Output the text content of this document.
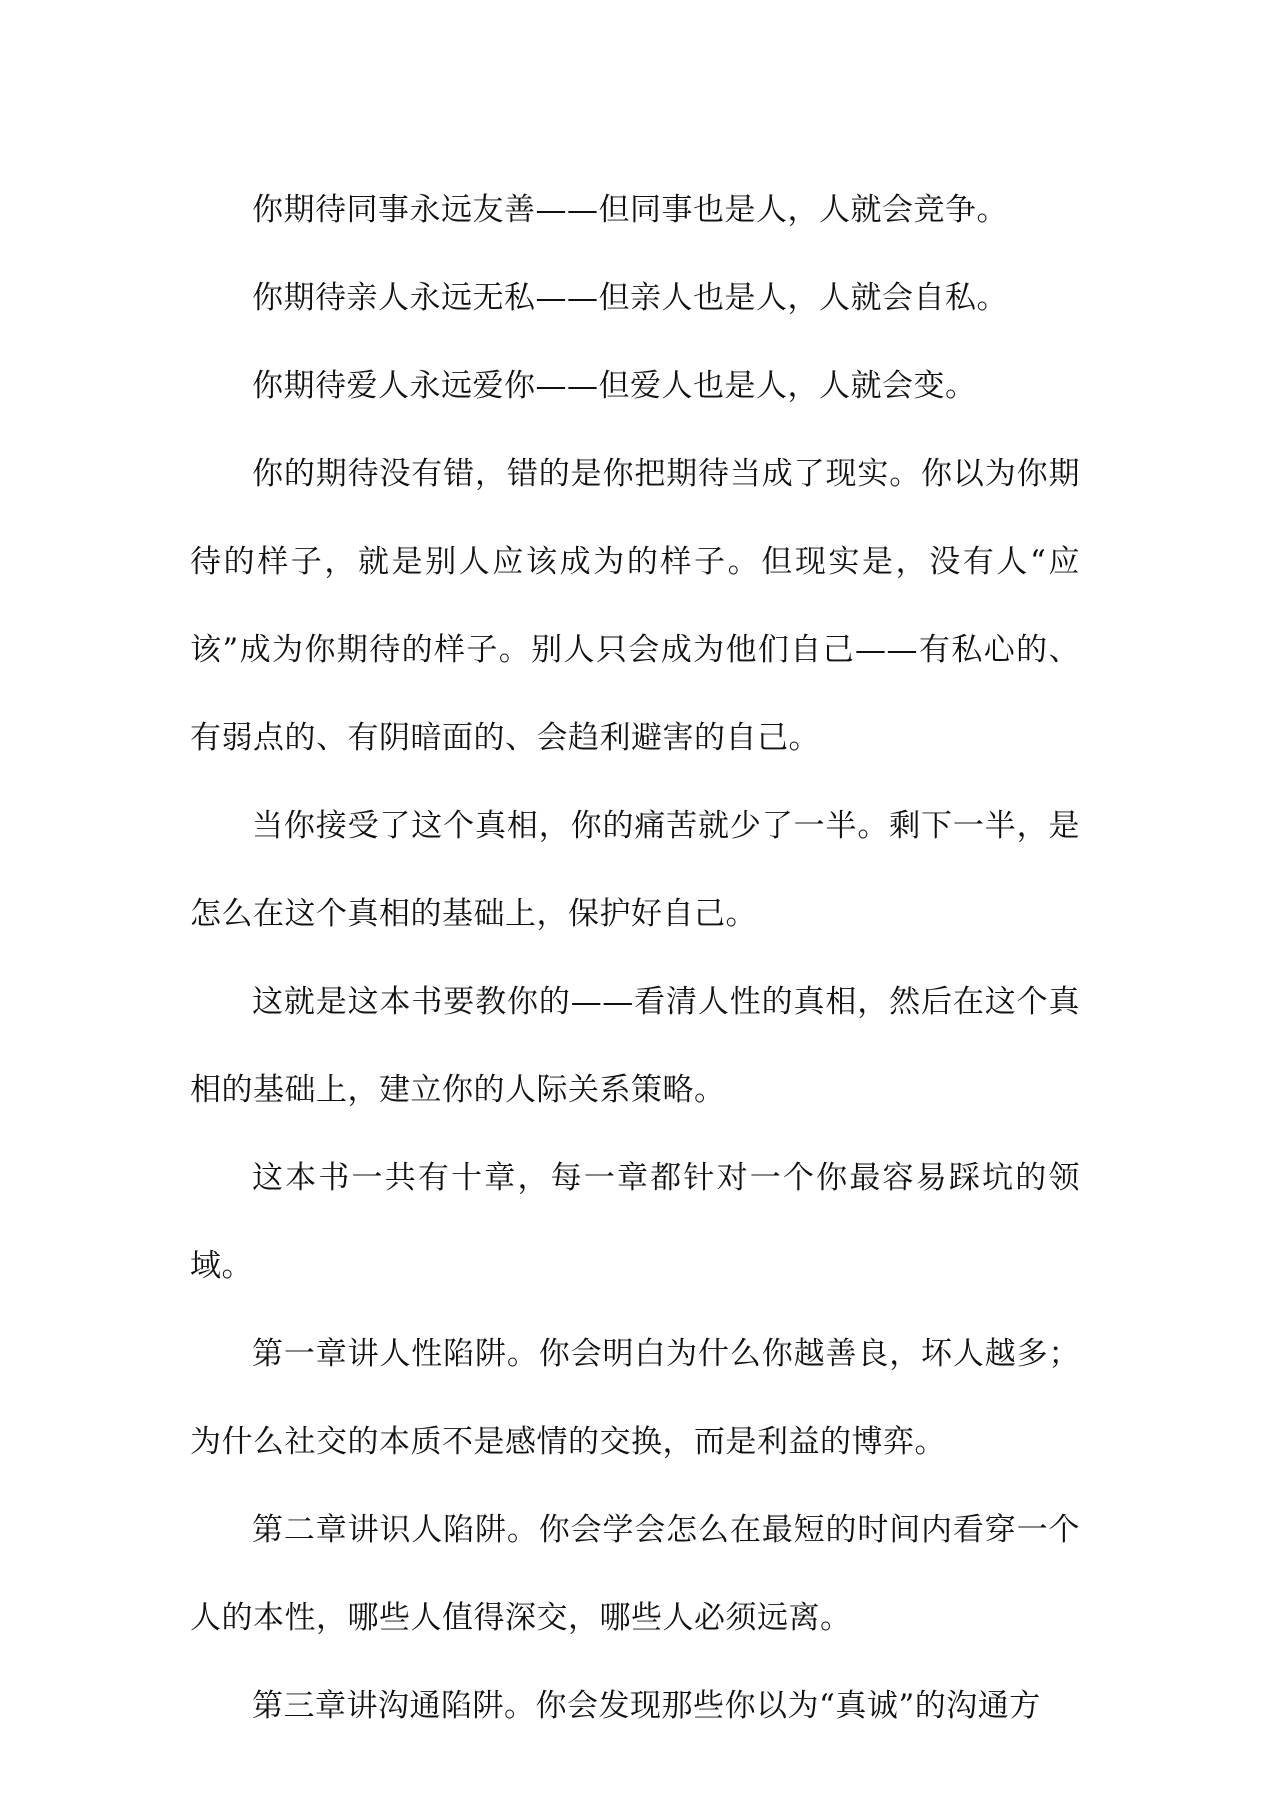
你期待同事永远友善——但同事也是人，人就会竞争。

你期待亲人永远无私——但亲人也是人，人就会自私。

你期待爱人永远爱你——但爱人也是人，人就会变。

你的期待没有错，错的是你把期待当成了现实。你以为你期待的样子，就是别人应该成为的样子。但现实是，没有人“应该”成为你期待的样子。别人只会成为他们自己——有私心的、有弱点的、有阴暗面的、会趋利避害的自己。

当你接受了这个真相，你的痛苦就少了一半。剩下一半，是怎么在这个真相的基础上，保护好自己。

这就是这本书要教你的——看清人性的真相，然后在这个真相的基础上，建立你的人际关系策略。

这本书一共有十章，每一章都针对一个你最容易踩坑的领域。

第一章讲人性陷阱。你会明白为什么你越善良，坏人越多；为什么社交的本质不是感情的交换，而是利益的博弈。

第二章讲识人陷阱。你会学会怎么在最短的时间内看穿一个人的本性，哪些人值得深交，哪些人必须远离。

第三章讲沟通陷阱。你会发现那些你以为“真诚”的沟通方
